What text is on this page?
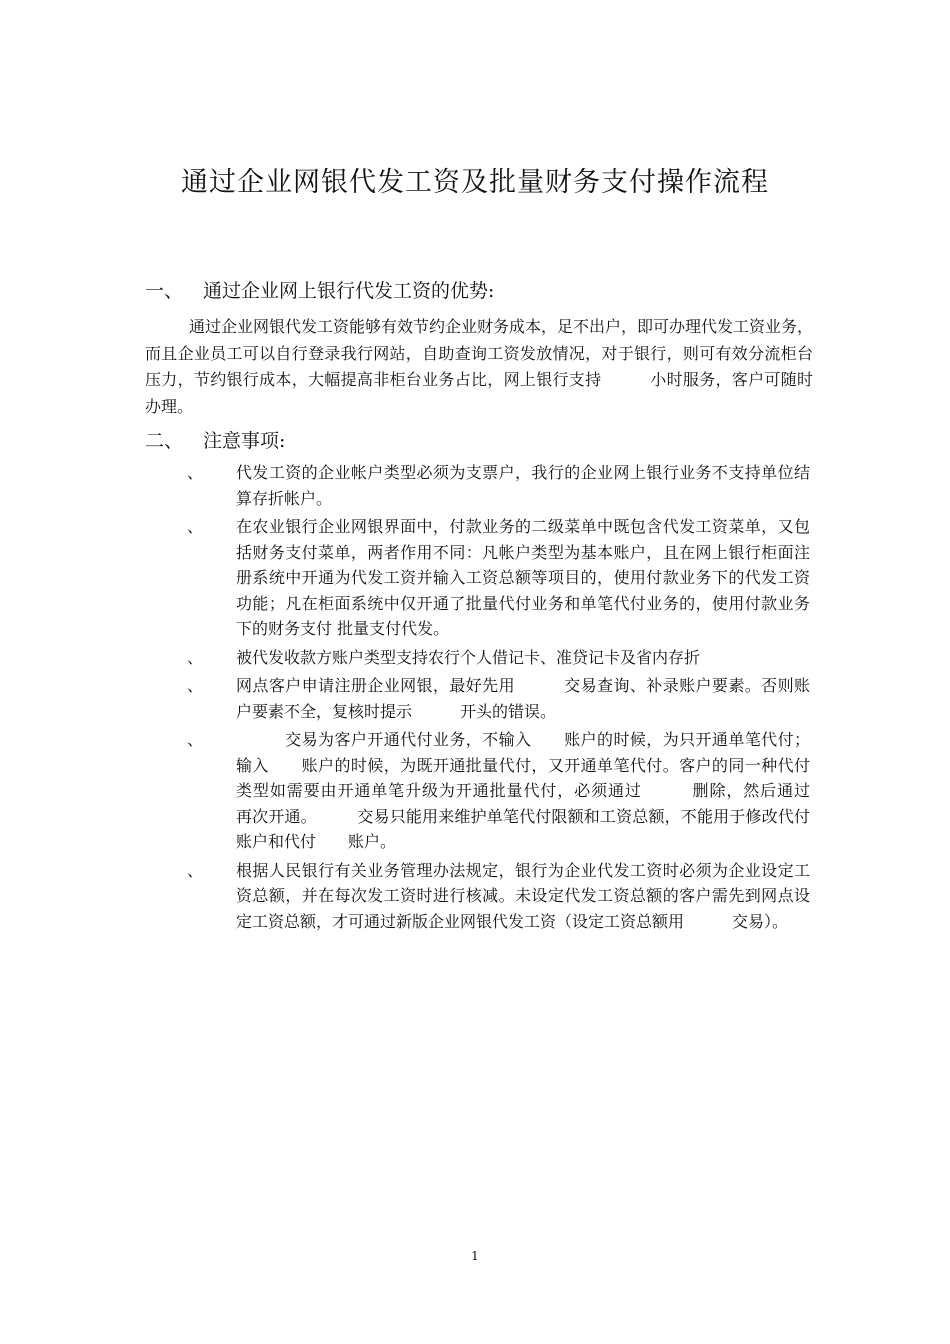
通过企业网银代发工资及批量财务支付操作流程
一、 通过企业网上银行代发工资的优势:
通过企业网银代发工资能够有效节约企业财务成本，足不出户，即可办理代发工资业务，而且企业员工可以自行登录我行网站，自助查询工资发放情况，对于银行，则可有效分流柜台压力，节约银行成本，大幅提高非柜台业务占比，网上银行支持　　　小时服务，客户可随时办理。
二、 注意事项:
、 代发工资的企业帐户类型必须为支票户，我行的企业网上银行业务不支持单位结算存折帐户。
、 在农业银行企业网银界面中，付款业务的二级菜单中既包含代发工资菜单，又包括财务支付菜单，两者作用不同：凡帐户类型为基本账户，且在网上银行柜面注册系统中开通为代发工资并输入工资总额等项目的，使用付款业务下的代发工资功能；凡在柜面系统中仅开通了批量代付业务和单笔代付业务的，使用付款业务下的财务支付 批量支付代发。
、 被代发收款方账户类型支持农行个人借记卡、准贷记卡及省内存折
、 网点客户申请注册企业网银，最好先用　　　交易查询、补录账户要素。否则账户要素不全，复核时提示　　　开头的错误。
、 　　　交易为客户开通代付业务，不输入　　账户的时候，为只开通单笔代付；输入　　账户的时候，为既开通批量代付，又开通单笔代付。客户的同一种代付类型如需要由开通单笔升级为开通批量代付，必须通过　　　删除，然后通过　　　再次开通。　　　交易只能用来维护单笔代付限额和工资总额，不能用于修改代付账户和代付　　账户。
、 根据人民银行有关业务管理办法规定，银行为企业代发工资时必须为企业设定工资总额，并在每次发工资时进行核减。未设定代发工资总额的客户需先到网点设定工资总额，才可通过新版企业网银代发工资（设定工资总额用　　　交易）。
1
